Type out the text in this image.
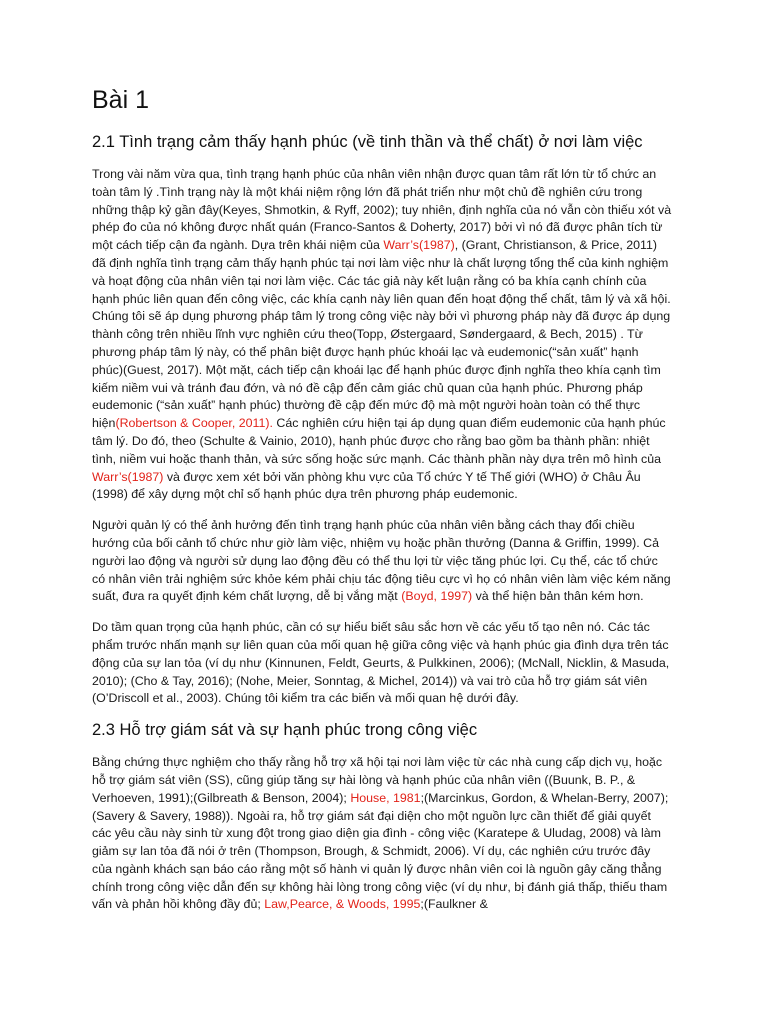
Bài 1
2.1 Tình trạng cảm thấy hạnh phúc (về tinh thần và thể chất) ở nơi làm việc

Trong vài năm vừa qua, tình trạng hạnh phúc của nhân viên nhận được quan tâm rất lớn từ tổ chức an toàn tâm lý .Tình trạng này là một khái niệm rộng lớn đã phát triển như một chủ đề nghiên cứu trong những thập kỷ gần đây(Keyes, Shmotkin, & Ryff, 2002); tuy nhiên, định nghĩa của nó vẫn còn thiếu xót và phép đo của nó không được nhất quán (Franco-Santos & Doherty, 2017) bởi vì nó đã được phân tích từ một cách tiếp cận đa ngành. Dựa trên khái niệm của Warr’s(1987), (Grant, Christianson, & Price, 2011) đã định nghĩa tình trạng cảm thấy hạnh phúc tại nơi làm việc như là chất lượng tổng thể của kinh nghiệm và hoạt động của nhân viên tại nơi làm việc. Các tác giả này kết luận rằng có ba khía cạnh chính của hạnh phúc liên quan đến công việc, các khía cạnh này liên quan đến hoạt động thể chất, tâm lý và xã hội. Chúng tôi sẽ áp dụng phương pháp tâm lý trong công việc này bởi vì phương pháp này đã được áp dụng thành công trên nhiều lĩnh vực nghiên cứu theo(Topp, Østergaard, Søndergaard, & Bech, 2015) . Từ phương pháp tâm lý này, có thể phân biệt được hạnh phúc khoái lạc và eudemonic(“sản xuất” hạnh phúc)(Guest, 2017). Một mặt, cách tiếp cận khoái lạc để hạnh phúc được định nghĩa theo khía cạnh tìm kiếm niềm vui và tránh đau đớn, và nó đề cập đến cảm giác chủ quan của hạnh phúc. Phương pháp eudemonic (“sản xuất” hạnh phúc) thường đề cập đến mức độ mà một người hoàn toàn có thể thực hiện(Robertson & Cooper, 2011). Các nghiên cứu hiện tại áp dụng quan điểm eudemonic của hạnh phúc tâm lý. Do đó, theo (Schulte & Vainio, 2010), hạnh phúc được cho rằng bao gồm ba thành phần: nhiệt tình, niềm vui hoặc thanh thản, và sức sống hoặc sức mạnh. Các thành phần này dựa trên mô hình của Warr’s(1987) và được xem xét bởi văn phòng khu vực của Tổ chức Y tế Thế giới (WHO) ở Châu Âu (1998) để xây dựng một chỉ số hạnh phúc dựa trên phương pháp eudemonic.

Người quản lý có thể ảnh hưởng đến tình trạng hạnh phúc của nhân viên bằng cách thay đổi chiều hướng của bối cảnh tổ chức như giờ làm việc, nhiệm vụ hoặc phần thưởng (Danna & Griffin, 1999). Cả người lao động và người sử dụng lao động đều có thể thu lợi từ việc tăng phúc lợi. Cụ thể, các tổ chức có nhân viên trải nghiệm sức khỏe kém phải chịu tác động tiêu cực vì họ có nhân viên làm việc kém năng suất, đưa ra quyết định kém chất lượng, dễ bị vắng mặt (Boyd, 1997) và thể hiện bản thân kém hơn.

Do tầm quan trọng của hạnh phúc, cần có sự hiểu biết sâu sắc hơn về các yếu tố tạo nên nó. Các tác phẩm trước nhấn mạnh sự liên quan của mối quan hệ giữa công việc và hạnh phúc gia đình dựa trên tác động của sự lan tỏa (ví dụ như (Kinnunen, Feldt, Geurts, & Pulkkinen, 2006); (McNall, Nicklin, & Masuda, 2010); (Cho & Tay, 2016); (Nohe, Meier, Sonntag, & Michel, 2014)) và vai trò của hỗ trợ giám sát viên (O’Driscoll et al., 2003). Chúng tôi kiểm tra các biến và mối quan hệ dưới đây.

2.3 Hỗ trợ giám sát và sự hạnh phúc trong công việc

Bằng chứng thực nghiệm cho thấy rằng hỗ trợ xã hội tại nơi làm việc từ các nhà cung cấp dịch vụ, hoặc hỗ trợ giám sát viên (SS), cũng giúp tăng sự hài lòng và hạnh phúc của nhân viên ((Buunk, B. P., & Verhoeven, 1991);(Gilbreath & Benson, 2004); House, 1981;(Marcinkus, Gordon, & Whelan-Berry, 2007); (Savery & Savery, 1988)). Ngoài ra, hỗ trợ giám sát đại diện cho một nguồn lực cần thiết để giải quyết các yêu cầu này sinh từ xung đột trong giao diện gia đình - công việc (Karatepe & Uludag, 2008) và làm giảm sự lan tỏa đã nói ở trên (Thompson, Brough, & Schmidt, 2006). Ví dụ, các nghiên cứu trước đây của ngành khách sạn báo cáo rằng một số hành vi quản lý được nhân viên coi là nguồn gây căng thẳng chính trong công việc dẫn đến sự không hài lòng trong công việc (ví dụ như, bị đánh giá thấp, thiếu tham vấn và phản hồi không đầy đủ; Law,Pearce, & Woods, 1995;(Faulkner &
